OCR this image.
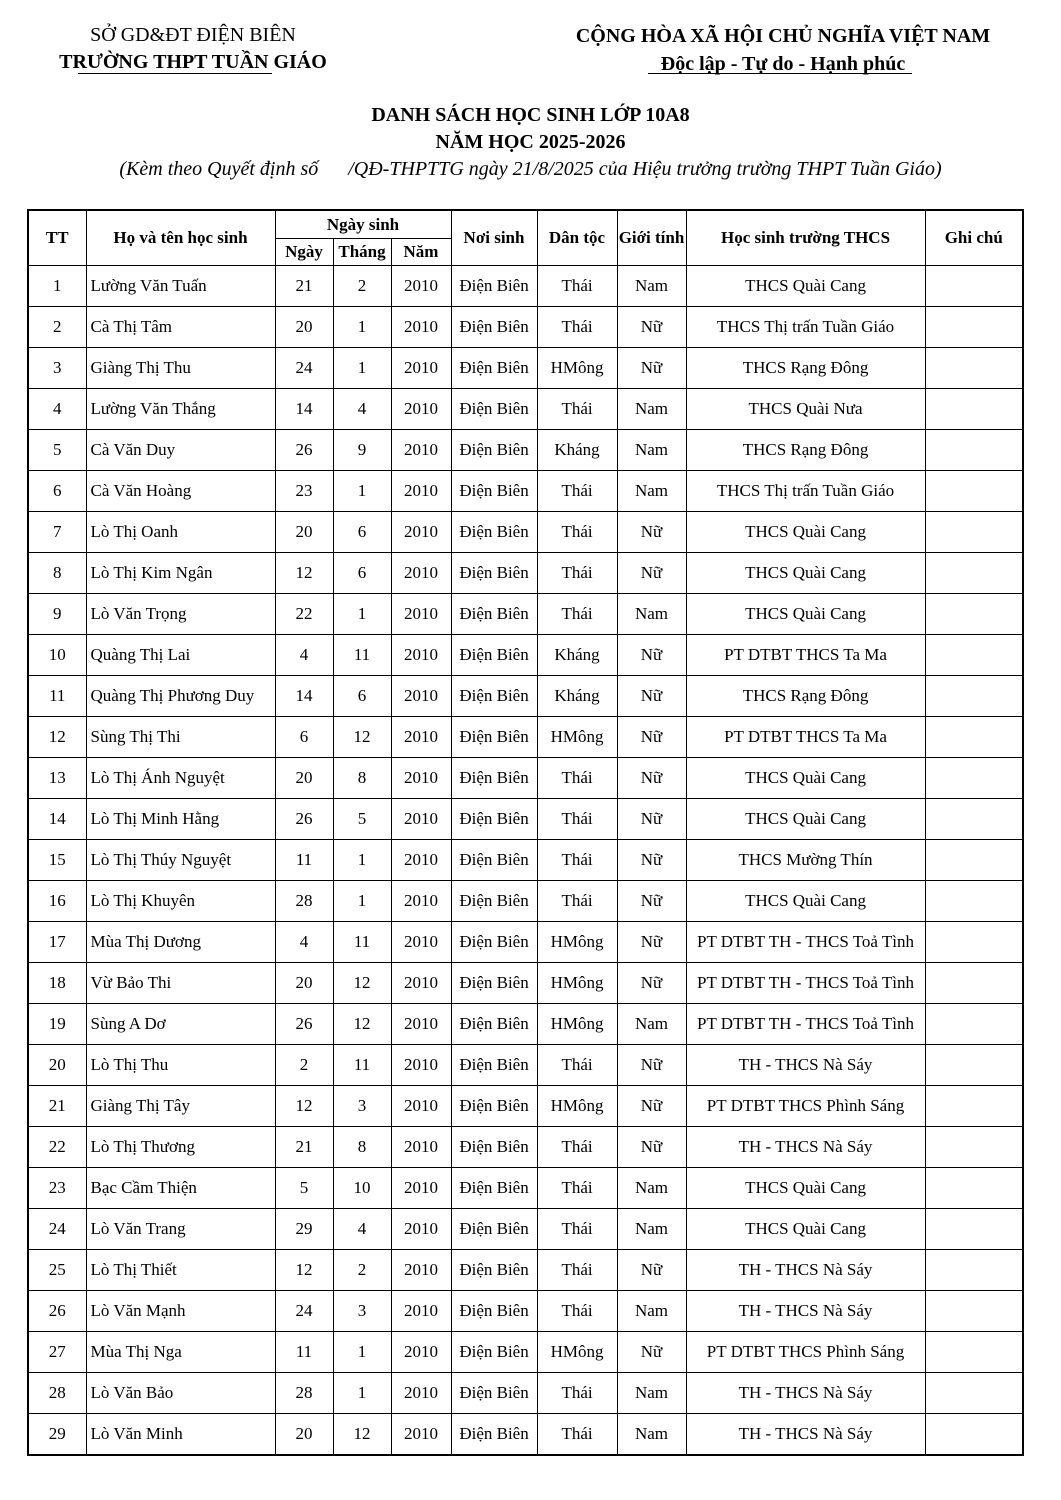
SỞ GD&ĐT ĐIỆN BIÊN
TRƯỜNG THPT TUẦN GIÁO
CỘNG HÒA XÃ HỘI CHỦ NGHĨA VIỆT NAM
Độc lập - Tự do - Hạnh phúc
DANH SÁCH HỌC SINH LỚP 10A8
NĂM HỌC 2025-2026
(Kèm theo Quyết định số      /QĐ-THPTTG ngày 21/8/2025 của Hiệu trưởng trường THPT Tuần Giáo)
TT	Họ và tên học sinh	Ngày sinh			Nơi sinh	Dân tộc	Giới tính	Học sinh trường THCS	Ghi chú
		Ngày	Tháng	Năm					
1	Lường Văn Tuấn	21	2	2010	Điện Biên	Thái	Nam	THCS Quài Cang	
2	Cà Thị Tâm	20	1	2010	Điện Biên	Thái	Nữ	THCS Thị trấn Tuần Giáo	
3	Giàng Thị Thu	24	1	2010	Điện Biên	HMông	Nữ	THCS Rạng Đông	
4	Lường Văn Thắng	14	4	2010	Điện Biên	Thái	Nam	THCS Quài Nưa	
5	Cà Văn Duy	26	9	2010	Điện Biên	Kháng	Nam	THCS Rạng Đông	
6	Cà Văn Hoàng	23	1	2010	Điện Biên	Thái	Nam	THCS Thị trấn Tuần Giáo	
7	Lò Thị Oanh	20	6	2010	Điện Biên	Thái	Nữ	THCS Quài Cang	
8	Lò Thị Kim Ngân	12	6	2010	Điện Biên	Thái	Nữ	THCS Quài Cang	
9	Lò Văn Trọng	22	1	2010	Điện Biên	Thái	Nam	THCS Quài Cang	
10	Quàng Thị Lai	4	11	2010	Điện Biên	Kháng	Nữ	PT DTBT THCS Ta Ma	
11	Quàng Thị Phương Duy	14	6	2010	Điện Biên	Kháng	Nữ	THCS Rạng Đông	
12	Sùng Thị Thi	6	12	2010	Điện Biên	HMông	Nữ	PT DTBT THCS Ta Ma	
13	Lò Thị Ánh Nguyệt	20	8	2010	Điện Biên	Thái	Nữ	THCS Quài Cang	
14	Lò Thị Minh Hằng	26	5	2010	Điện Biên	Thái	Nữ	THCS Quài Cang	
15	Lò Thị Thúy Nguyệt	11	1	2010	Điện Biên	Thái	Nữ	THCS Mường Thín	
16	Lò Thị Khuyên	28	1	2010	Điện Biên	Thái	Nữ	THCS Quài Cang	
17	Mùa Thị Dương	4	11	2010	Điện Biên	HMông	Nữ	PT DTBT TH - THCS Toả Tình	
18	Vừ Bảo Thi	20	12	2010	Điện Biên	HMông	Nữ	PT DTBT TH - THCS Toả Tình	
19	Sùng A Dơ	26	12	2010	Điện Biên	HMông	Nam	PT DTBT TH - THCS Toả Tình	
20	Lò Thị Thu	2	11	2010	Điện Biên	Thái	Nữ	TH - THCS Nà Sáy	
21	Giàng Thị Tây	12	3	2010	Điện Biên	HMông	Nữ	PT DTBT THCS Phình Sáng	
22	Lò Thị Thương	21	8	2010	Điện Biên	Thái	Nữ	TH - THCS Nà Sáy	
23	Bạc Cầm Thiện	5	10	2010	Điện Biên	Thái	Nam	THCS Quài Cang	
24	Lò Văn Trang	29	4	2010	Điện Biên	Thái	Nam	THCS Quài Cang	
25	Lò Thị Thiết	12	2	2010	Điện Biên	Thái	Nữ	TH - THCS Nà Sáy	
26	Lò Văn Mạnh	24	3	2010	Điện Biên	Thái	Nam	TH - THCS Nà Sáy	
27	Mùa Thị Nga	11	1	2010	Điện Biên	HMông	Nữ	PT DTBT THCS Phình Sáng	
28	Lò Văn Bảo	28	1	2010	Điện Biên	Thái	Nam	TH - THCS Nà Sáy	
29	Lò Văn Minh	20	12	2010	Điện Biên	Thái	Nam	TH - THCS Nà Sáy	
